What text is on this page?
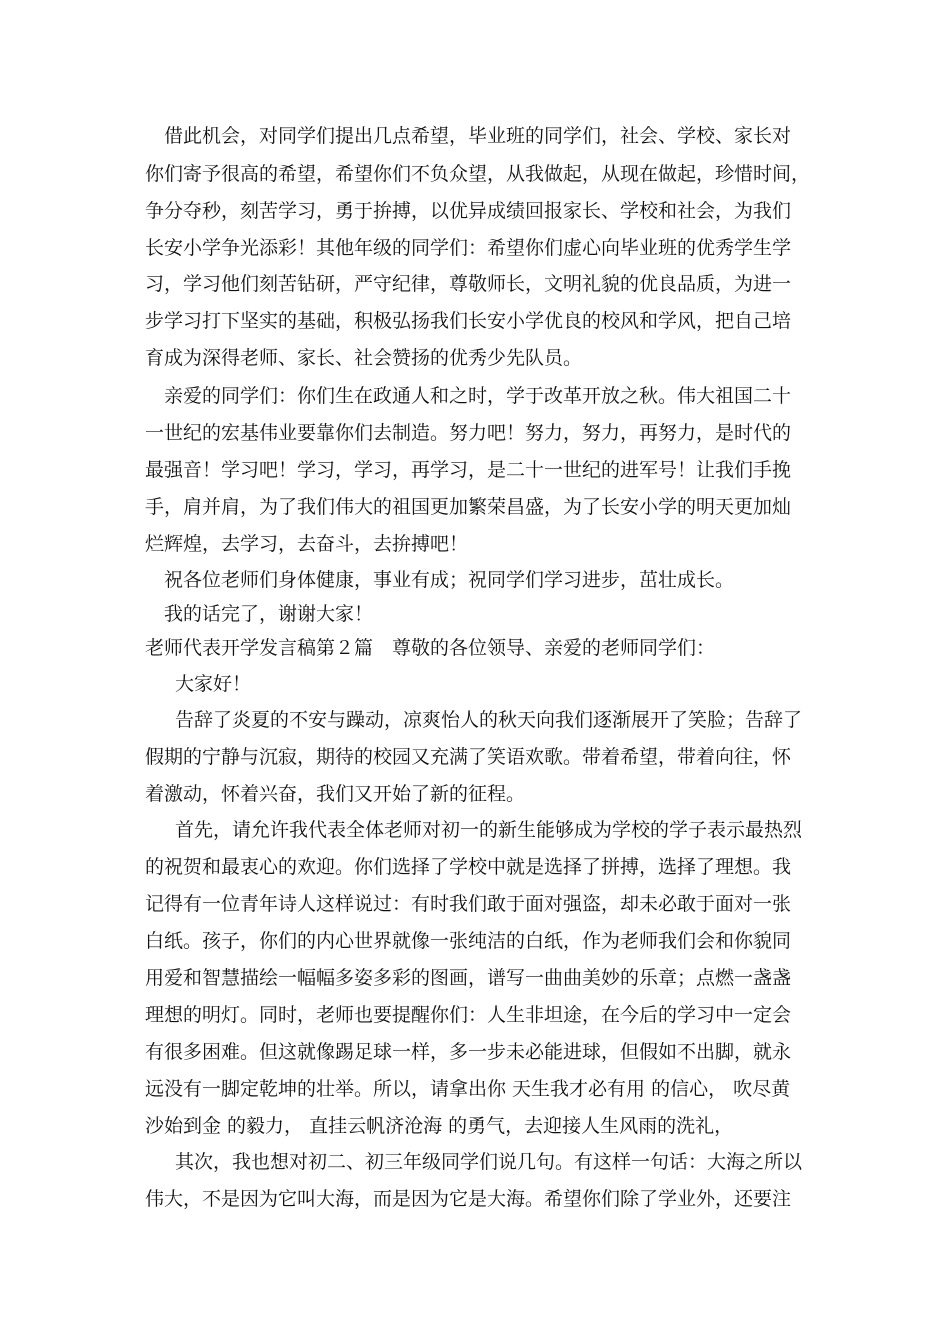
借此机会，对同学们提出几点希望，毕业班的同学们，社会、学校、家长对

你们寄予很高的希望，希望你们不负众望，从我做起，从现在做起，珍惜时间，

争分夺秒，刻苦学习，勇于拚搏，以优异成绩回报家长、学校和社会，为我们

长安小学争光添彩！其他年级的同学们：希望你们虚心向毕业班的优秀学生学

习，学习他们刻苦钻研，严守纪律，尊敬师长，文明礼貌的优良品质，为进一

步学习打下坚实的基础，积极弘扬我们长安小学优良的校风和学风，把自己培

育成为深得老师、家长、社会赞扬的优秀少先队员。

亲爱的同学们：你们生在政通人和之时，学于改革开放之秋。伟大祖国二十

一世纪的宏基伟业要靠你们去制造。努力吧！努力，努力，再努力，是时代的

最强音！学习吧！学习，学习，再学习，是二十一世纪的进军号！让我们手挽

手，肩并肩，为了我们伟大的祖国更加繁荣昌盛，为了长安小学的明天更加灿

烂辉煌，去学习，去奋斗，去拚搏吧！

祝各位老师们身体健康，事业有成；祝同学们学习进步，茁壮成长。

我的话完了，谢谢大家！

老师代表开学发言稿第２篇　尊敬的各位领导、亲爱的老师同学们：

大家好！

告辞了炎夏的不安与躁动，凉爽怡人的秋天向我们逐渐展开了笑脸；告辞了

假期的宁静与沉寂，期待的校园又充满了笑语欢歌。带着希望，带着向往，怀

着激动，怀着兴奋，我们又开始了新的征程。

首先，请允许我代表全体老师对初一的新生能够成为学校的学子表示最热烈

的祝贺和最衷心的欢迎。你们选择了学校中就是选择了拼搏，选择了理想。我

记得有一位青年诗人这样说过：有时我们敢于面对强盗，却未必敢于面对一张

白纸。孩子，你们的内心世界就像一张纯洁的白纸，作为老师我们会和你貌同

用爱和智慧描绘一幅幅多姿多彩的图画，谱写一曲曲美妙的乐章；点燃一盏盏

理想的明灯。同时，老师也要提醒你们：人生非坦途，在今后的学习中一定会

有很多困难。但这就像踢足球一样，多一步未必能进球，但假如不出脚，就永

远没有一脚定乾坤的壮举。所以，请拿出你 天生我才必有用 的信心， 吹尽黄

沙始到金 的毅力， 直挂云帆济沧海 的勇气，去迎接人生风雨的洗礼，

其次，我也想对初二、初三年级同学们说几句。有这样一句话：大海之所以

伟大，不是因为它叫大海，而是因为它是大海。希望你们除了学业外，还要注
